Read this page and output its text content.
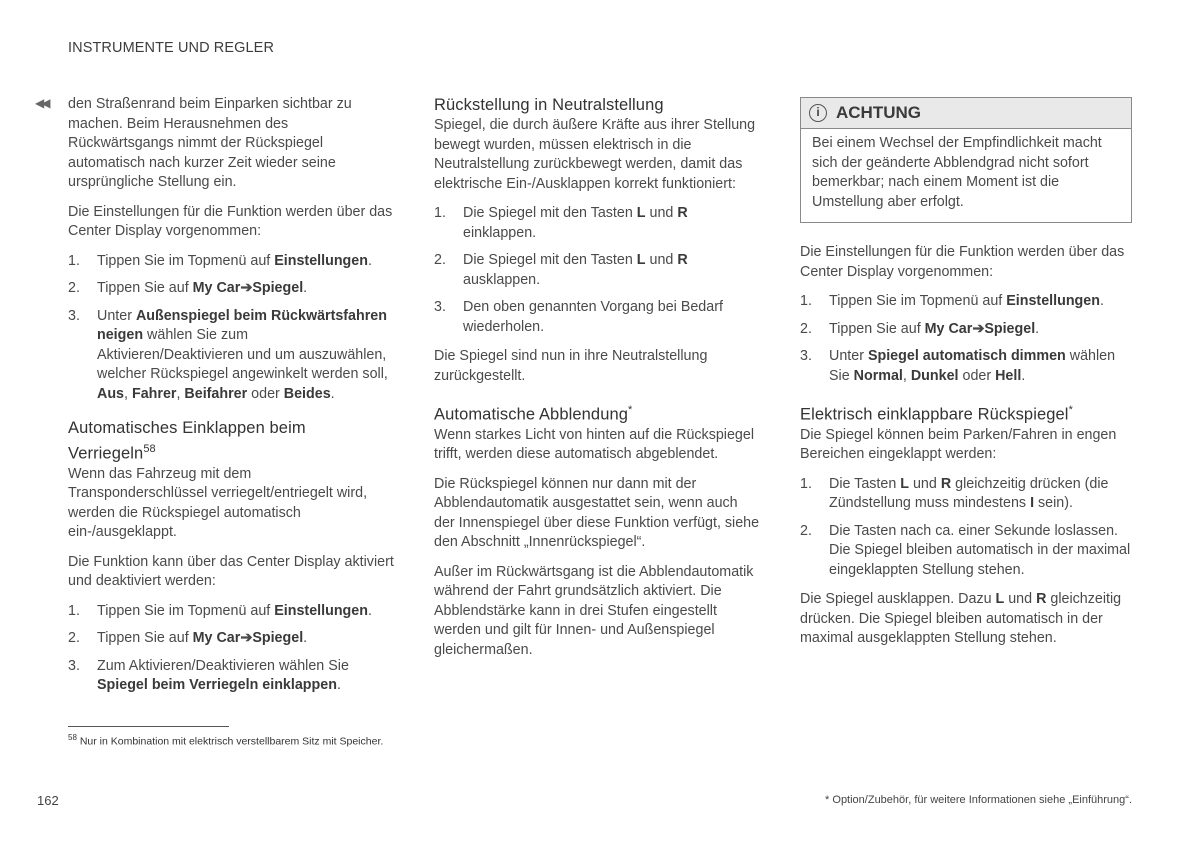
INSTRUMENTE UND REGLER
◀◀ den Straßenrand beim Einparken sichtbar zu machen. Beim Herausnehmen des Rückwärtsgangs nimmt der Rückspiegel automatisch nach kurzer Zeit wieder seine ursprüngliche Stellung ein.

Die Einstellungen für die Funktion werden über das Center Display vorgenommen:

1. Tippen Sie im Topmenü auf Einstellungen.
2. Tippen Sie auf My Car➔Spiegel.
3. Unter Außenspiegel beim Rückwärtsfahren neigen wählen Sie zum Aktivieren/Deaktivieren und um auszuwählen, welcher Rückspiegel angewinkelt werden soll, Aus, Fahrer, Beifahrer oder Beides.
Automatisches Einklappen beim Verriegeln$^{58}$

Wenn das Fahrzeug mit dem Transponderschlüssel verriegelt/entriegelt wird, werden die Rückspiegel automatisch ein-/ausgeklappt.

Die Funktion kann über das Center Display aktiviert und deaktiviert werden:

1. Tippen Sie im Topmenü auf Einstellungen.
2. Tippen Sie auf My Car➔Spiegel.
3. Zum Aktivieren/Deaktivieren wählen Sie Spiegel beim Verriegeln einklappen.
Rückstellung in Neutralstellung

Spiegel, die durch äußere Kräfte aus ihrer Stellung bewegt wurden, müssen elektrisch in die Neutralstellung zurückbewegt werden, damit das elektrische Ein-/Ausklappen korrekt funktioniert:

1. Die Spiegel mit den Tasten L und R einklappen.
2. Die Spiegel mit den Tasten L und R ausklappen.
3. Den oben genannten Vorgang bei Bedarf wiederholen.

Die Spiegel sind nun in ihre Neutralstellung zurückgestellt.

Automatische Abblendung*

Wenn starkes Licht von hinten auf die Rückspiegel trifft, werden diese automatisch abgeblendet.

Die Rückspiegel können nur dann mit der Abblendautomatik ausgestattet sein, wenn auch der Innenspiegel über diese Funktion verfügt, siehe den Abschnitt „Innenrückspiegel“.

Außer im Rückwärtsgang ist die Abblendautomatik während der Fahrt grundsätzlich aktiviert. Die Abblendstärke kann in drei Stufen eingestellt werden und gilt für Innen- und Außenspiegel gleichermaßen.

i ACHTUNG
Bei einem Wechsel der Empfindlichkeit macht sich der geänderte Abblendgrad nicht sofort bemerkbar; nach einem Moment ist die Umstellung aber erfolgt.

Die Einstellungen für die Funktion werden über das Center Display vorgenommen:

1. Tippen Sie im Topmenü auf Einstellungen.
2. Tippen Sie auf My Car➔Spiegel.
3. Unter Spiegel automatisch dimmen wählen Sie Normal, Dunkel oder Hell.
Elektrisch einklappbare Rückspiegel*

Die Spiegel können beim Parken/Fahren in engen Bereichen eingeklappt werden:

1. Die Tasten L und R gleichzeitig drücken (die Zündstellung muss mindestens I sein).
2. Die Tasten nach ca. einer Sekunde loslassen. Die Spiegel bleiben automatisch in der maximal eingeklappten Stellung stehen.

Die Spiegel ausklappen. Dazu L und R gleichzeitig drücken. Die Spiegel bleiben automatisch in der maximal ausgeklappten Stellung stehen.

$^{58}$ Nur in Kombination mit elektrisch verstellbarem Sitz mit Speicher.
162	* Option/Zubehör, für weitere Informationen siehe „Einführung“.
